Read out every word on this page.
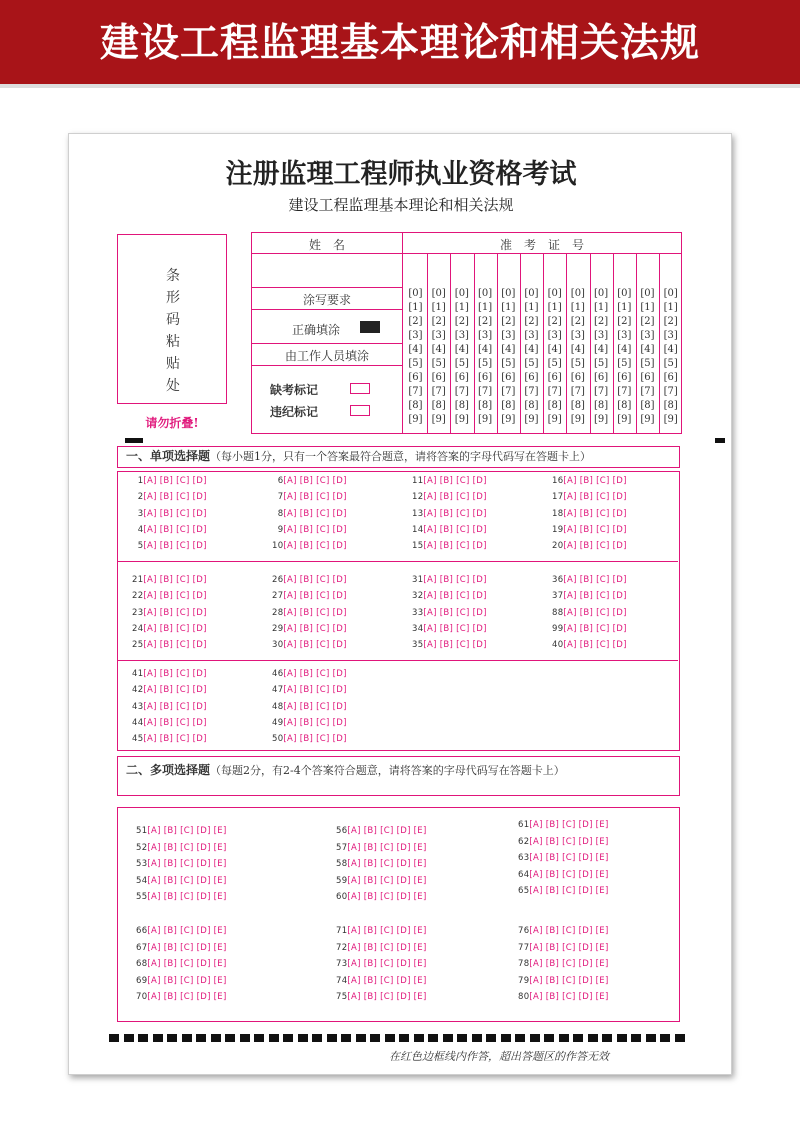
建设工程监理基本理论和相关法规
注册监理工程师执业资格考试
建设工程监理基本理论和相关法规
条
形
码
粘
贴
处
请勿折叠!
姓　名	准　考　证　号
涂写要求
正确填涂
由工作人员填涂
缺考标记
违纪标记
[0]
[1]
[2]
[3]
[4]
[5]
[6]
[7]
[8]
[9]
[0]
[1]
[2]
[3]
[4]
[5]
[6]
[7]
[8]
[9]
[0]
[1]
[2]
[3]
[4]
[5]
[6]
[7]
[8]
[9]
[0]
[1]
[2]
[3]
[4]
[5]
[6]
[7]
[8]
[9]
[0]
[1]
[2]
[3]
[4]
[5]
[6]
[7]
[8]
[9]
[0]
[1]
[2]
[3]
[4]
[5]
[6]
[7]
[8]
[9]
[0]
[1]
[2]
[3]
[4]
[5]
[6]
[7]
[8]
[9]
[0]
[1]
[2]
[3]
[4]
[5]
[6]
[7]
[8]
[9]
[0]
[1]
[2]
[3]
[4]
[5]
[6]
[7]
[8]
[9]
[0]
[1]
[2]
[3]
[4]
[5]
[6]
[7]
[8]
[9]
[0]
[1]
[2]
[3]
[4]
[5]
[6]
[7]
[8]
[9]
[0]
[1]
[2]
[3]
[4]
[5]
[6]
[7]
[8]
[9]
一、单项选择题（每小题1分，只有一个答案最符合题意，请将答案的字母代码写在答题卡上）
 1[A] [B] [C] [D]
 2[A] [B] [C] [D]
 3[A] [B] [C] [D]
 4[A] [B] [C] [D]
 5[A] [B] [C] [D]
 6[A] [B] [C] [D]
 7[A] [B] [C] [D]
 8[A] [B] [C] [D]
 9[A] [B] [C] [D]
10[A] [B] [C] [D]
11[A] [B] [C] [D]
12[A] [B] [C] [D]
13[A] [B] [C] [D]
14[A] [B] [C] [D]
15[A] [B] [C] [D]
16[A] [B] [C] [D]
17[A] [B] [C] [D]
18[A] [B] [C] [D]
19[A] [B] [C] [D]
20[A] [B] [C] [D]
21[A] [B] [C] [D]
22[A] [B] [C] [D]
23[A] [B] [C] [D]
24[A] [B] [C] [D]
25[A] [B] [C] [D]
26[A] [B] [C] [D]
27[A] [B] [C] [D]
28[A] [B] [C] [D]
29[A] [B] [C] [D]
30[A] [B] [C] [D]
31[A] [B] [C] [D]
32[A] [B] [C] [D]
33[A] [B] [C] [D]
34[A] [B] [C] [D]
35[A] [B] [C] [D]
36[A] [B] [C] [D]
37[A] [B] [C] [D]
88[A] [B] [C] [D]
99[A] [B] [C] [D]
40[A] [B] [C] [D]
41[A] [B] [C] [D]
42[A] [B] [C] [D]
43[A] [B] [C] [D]
44[A] [B] [C] [D]
45[A] [B] [C] [D]
46[A] [B] [C] [D]
47[A] [B] [C] [D]
48[A] [B] [C] [D]
49[A] [B] [C] [D]
50[A] [B] [C] [D]
二、多项选择题（每题2分，有2-4个答案符合题意，请将答案的字母代码写在答题卡上）
51[A] [B] [C] [D] [E]
52[A] [B] [C] [D] [E]
53[A] [B] [C] [D] [E]
54[A] [B] [C] [D] [E]
55[A] [B] [C] [D] [E]
56[A] [B] [C] [D] [E]
57[A] [B] [C] [D] [E]
58[A] [B] [C] [D] [E]
59[A] [B] [C] [D] [E]
60[A] [B] [C] [D] [E]
61[A] [B] [C] [D] [E]
62[A] [B] [C] [D] [E]
63[A] [B] [C] [D] [E]
64[A] [B] [C] [D] [E]
65[A] [B] [C] [D] [E]
66[A] [B] [C] [D] [E]
67[A] [B] [C] [D] [E]
68[A] [B] [C] [D] [E]
69[A] [B] [C] [D] [E]
70[A] [B] [C] [D] [E]
71[A] [B] [C] [D] [E]
72[A] [B] [C] [D] [E]
73[A] [B] [C] [D] [E]
74[A] [B] [C] [D] [E]
75[A] [B] [C] [D] [E]
76[A] [B] [C] [D] [E]
77[A] [B] [C] [D] [E]
78[A] [B] [C] [D] [E]
79[A] [B] [C] [D] [E]
80[A] [B] [C] [D] [E]
在红色边框线内作答，超出答题区的作答无效
